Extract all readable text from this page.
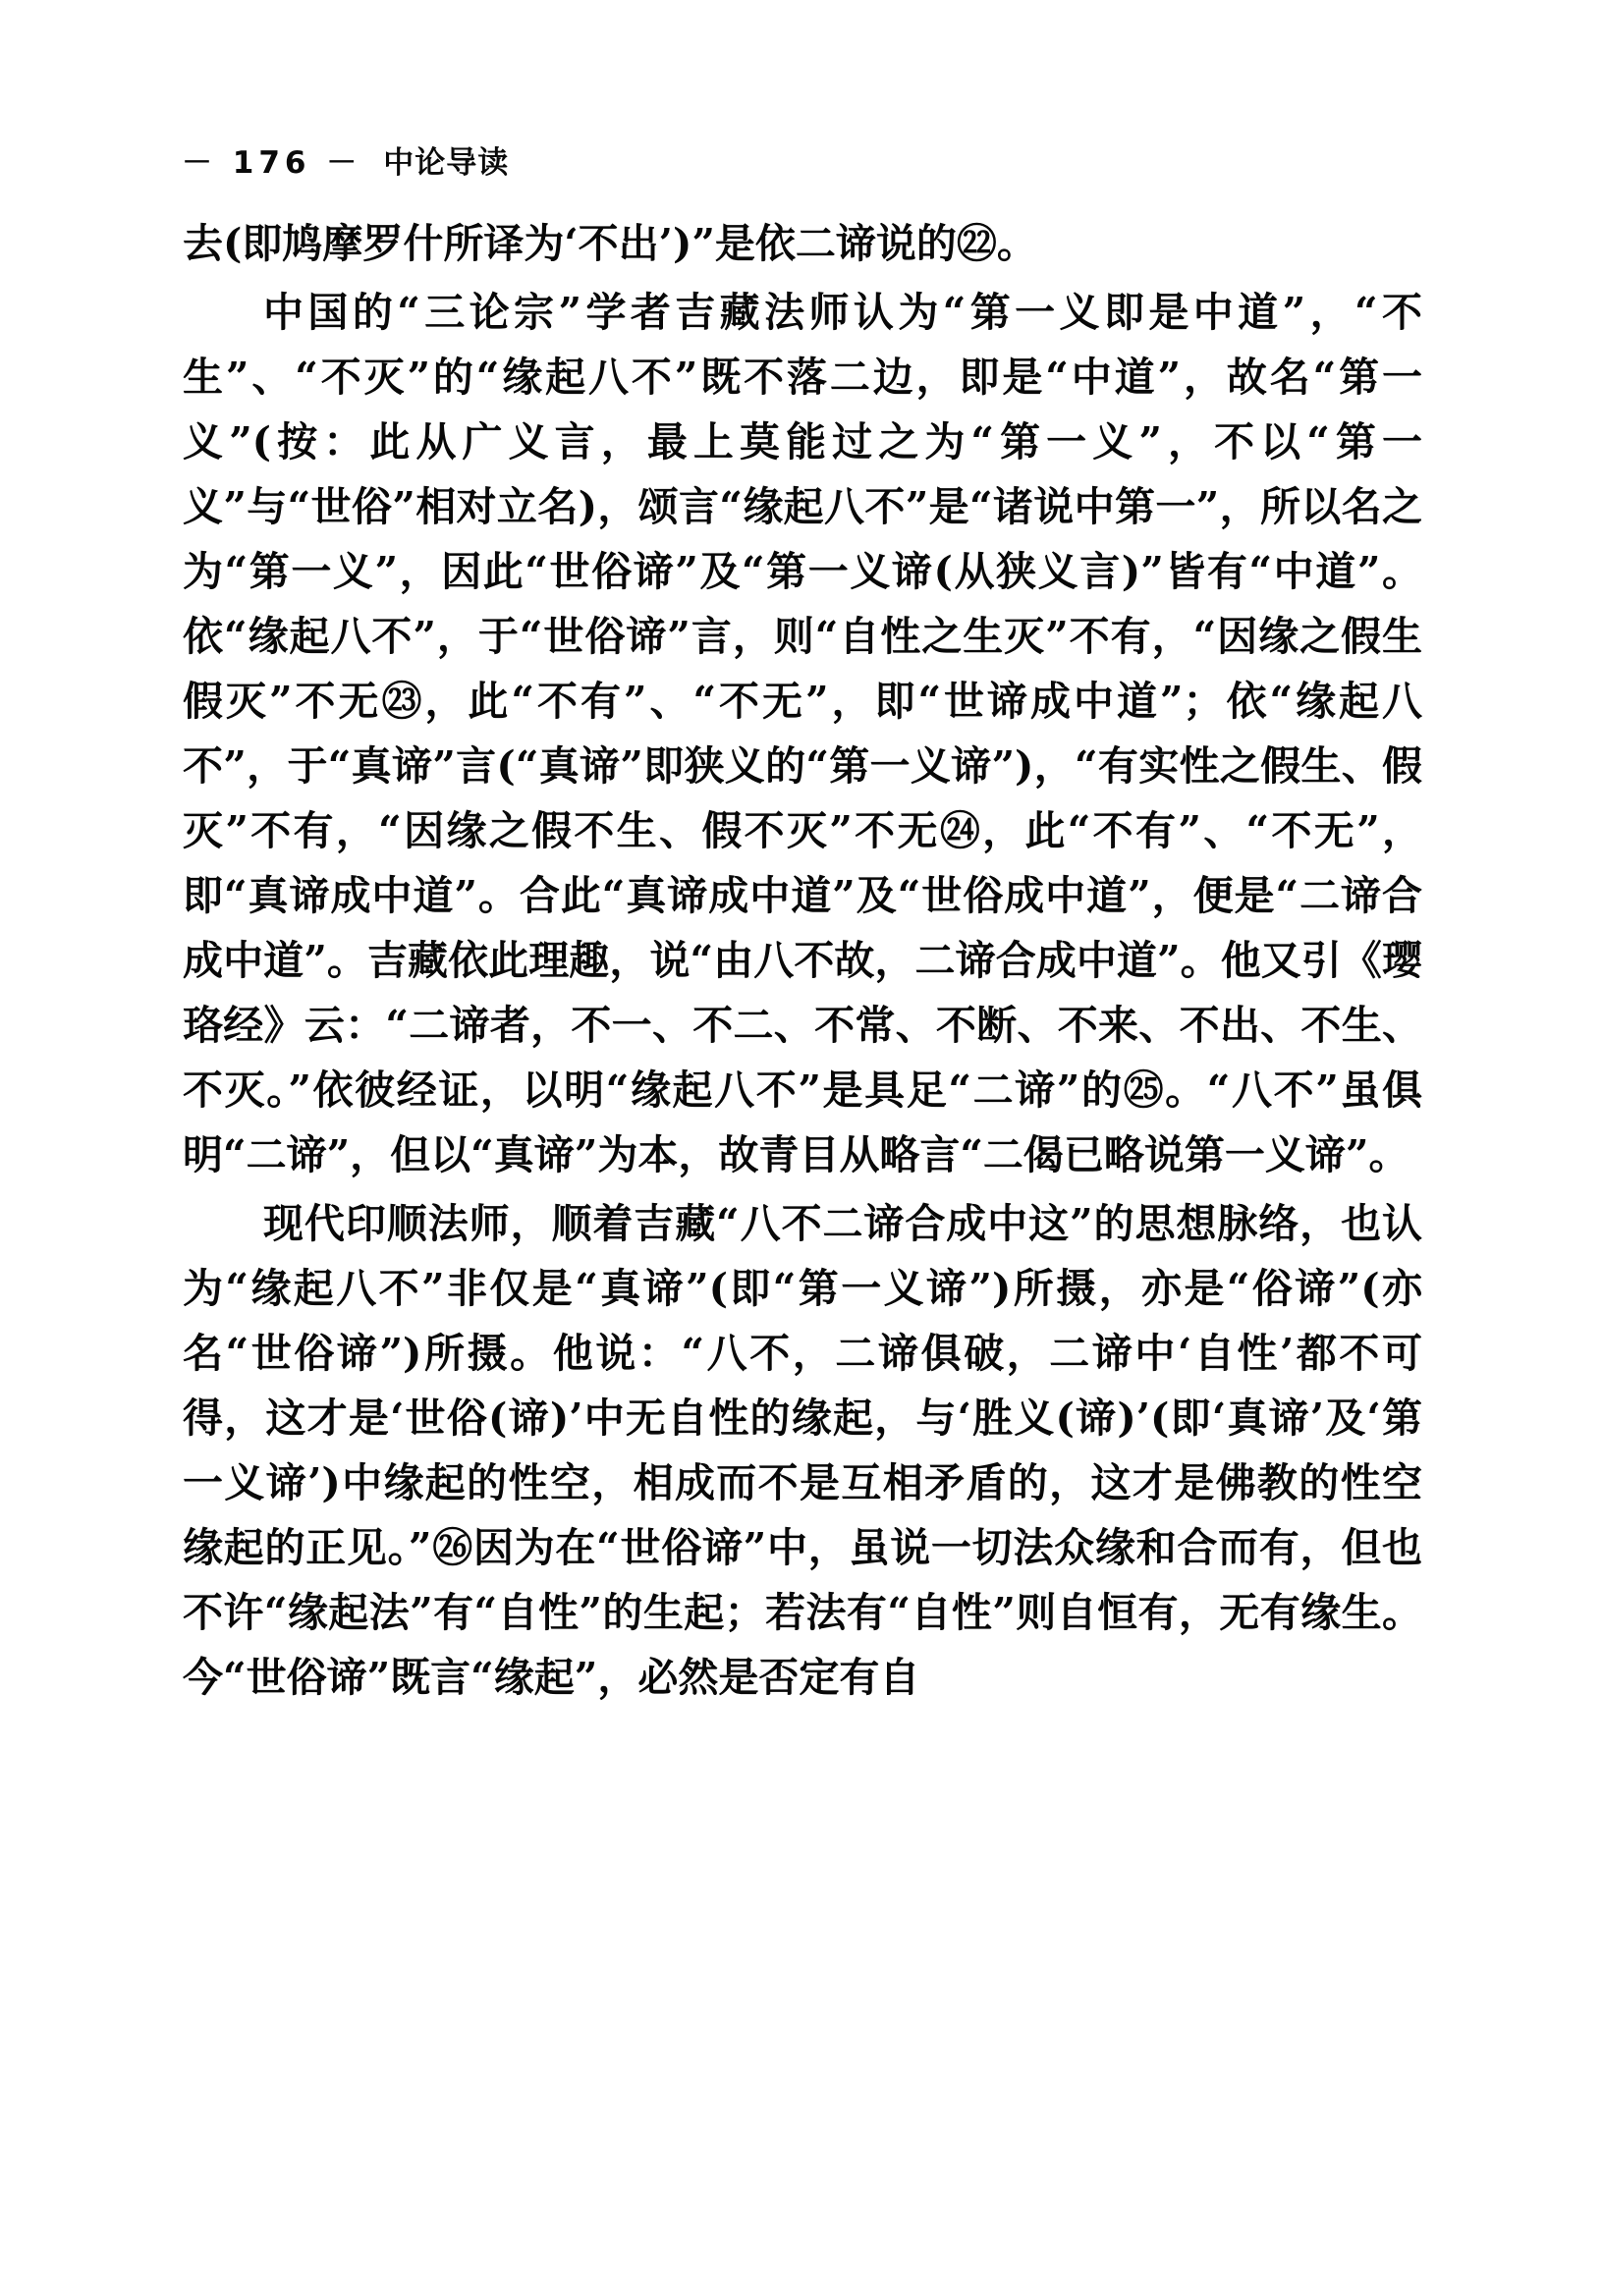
－ 176 － 中论导读

去(即鸠摩罗什所译为‘不出’)”是依二谛说的㉒。

中国的“三论宗”学者吉藏法师认为“第一义即是中道”，“不生”、“不灭”的“缘起八不”既不落二边，即是“中道”，故名“第一义”(按：此从广义言，最上莫能过之为“第一义”，不以“第一义”与“世俗”相对立名)，颂言“缘起八不”是“诸说中第一”，所以名之为“第一义”，因此“世俗谛”及“第一义谛(从狭义言)”皆有“中道”。依“缘起八不”，于“世俗谛”言，则“自性之生灭”不有，“因缘之假生假灭”不无㉓，此“不有”、“不无”，即“世谛成中道”；依“缘起八不”，于“真谛”言(“真谛”即狭义的“第一义谛”)，“有实性之假生、假灭”不有，“因缘之假不生、假不灭”不无㉔，此“不有”、“不无”，即“真谛成中道”。合此“真谛成中道”及“世俗成中道”，便是“二谛合成中道”。吉藏依此理趣，说“由八不故，二谛合成中道”。他又引《璎珞经》云：“二谛者，不一、不二、不常、不断、不来、不出、不生、不灭。”依彼经证，以明“缘起八不”是具足“二谛”的㉕。“八不”虽俱明“二谛”，但以“真谛”为本，故青目从略言“二偈已略说第一义谛”。

现代印顺法师，顺着吉藏“八不二谛合成中这”的思想脉络，也认为“缘起八不”非仅是“真谛”(即“第一义谛”)所摄，亦是“俗谛”(亦名“世俗谛”)所摄。他说：“八不，二谛俱破，二谛中‘自性’都不可得，这才是‘世俗(谛)’中无自性的缘起，与‘胜义(谛)’(即‘真谛’及‘第一义谛’)中缘起的性空，相成而不是互相矛盾的，这才是佛教的性空缘起的正见。”㉖因为在“世俗谛”中，虽说一切法众缘和合而有，但也不许“缘起法”有“自性”的生起；若法有“自性”则自恒有，无有缘生。今“世俗谛”既言“缘起”，必然是否定有自
